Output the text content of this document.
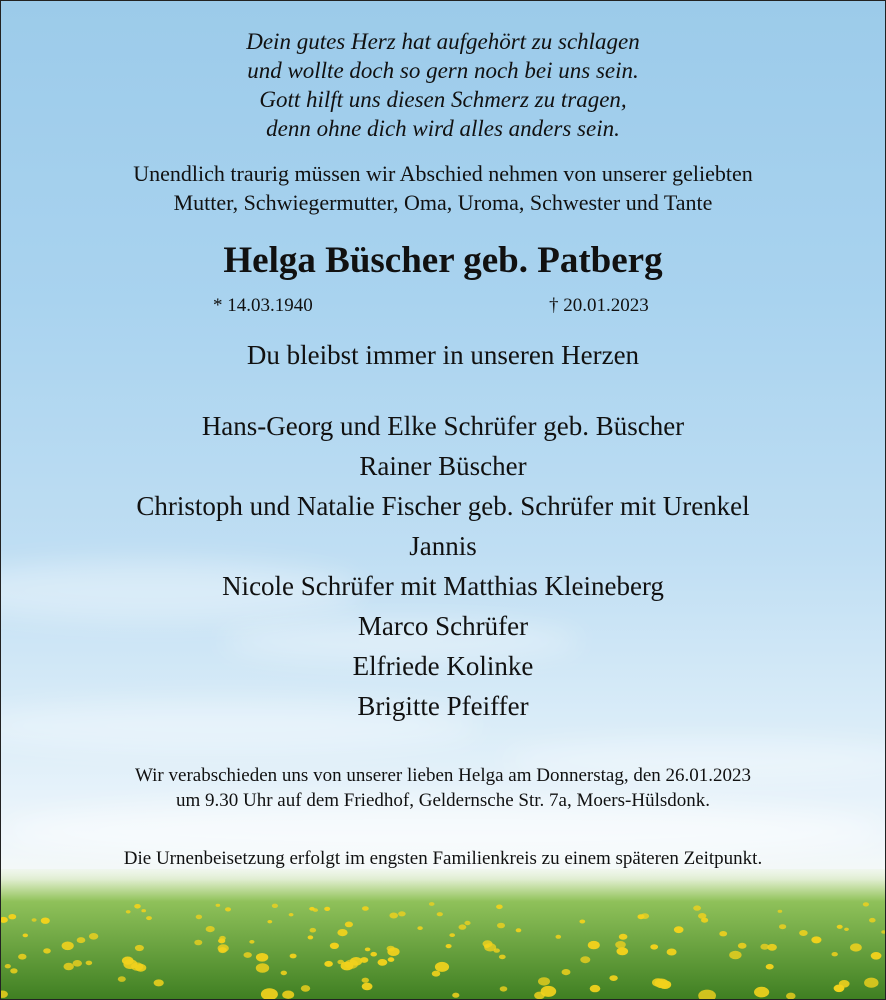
Dein gutes Herz hat aufgehört zu schlagen
und wollte doch so gern noch bei uns sein.
Gott hilft uns diesen Schmerz zu tragen,
denn ohne dich wird alles anders sein.
Unendlich traurig müssen wir Abschied nehmen von unserer geliebten
Mutter, Schwiegermutter, Oma, Uroma, Schwester und Tante
Helga Büscher geb. Patberg
* 14.03.1940	† 20.01.2023
Du bleibst immer in unseren Herzen
Hans-Georg und Elke Schrüfer geb. Büscher
Rainer Büscher
Christoph und Natalie Fischer geb. Schrüfer mit Urenkel
Jannis
Nicole Schrüfer mit Matthias Kleineberg
Marco Schrüfer
Elfriede Kolinke
Brigitte Pfeiffer
Wir verabschieden uns von unserer lieben Helga am Donnerstag, den 26.01.2023
um 9.30 Uhr auf dem Friedhof, Geldernsche Str. 7a, Moers-Hülsdonk.
Die Urnenbeisetzung erfolgt im engsten Familienkreis zu einem späteren Zeitpunkt.
